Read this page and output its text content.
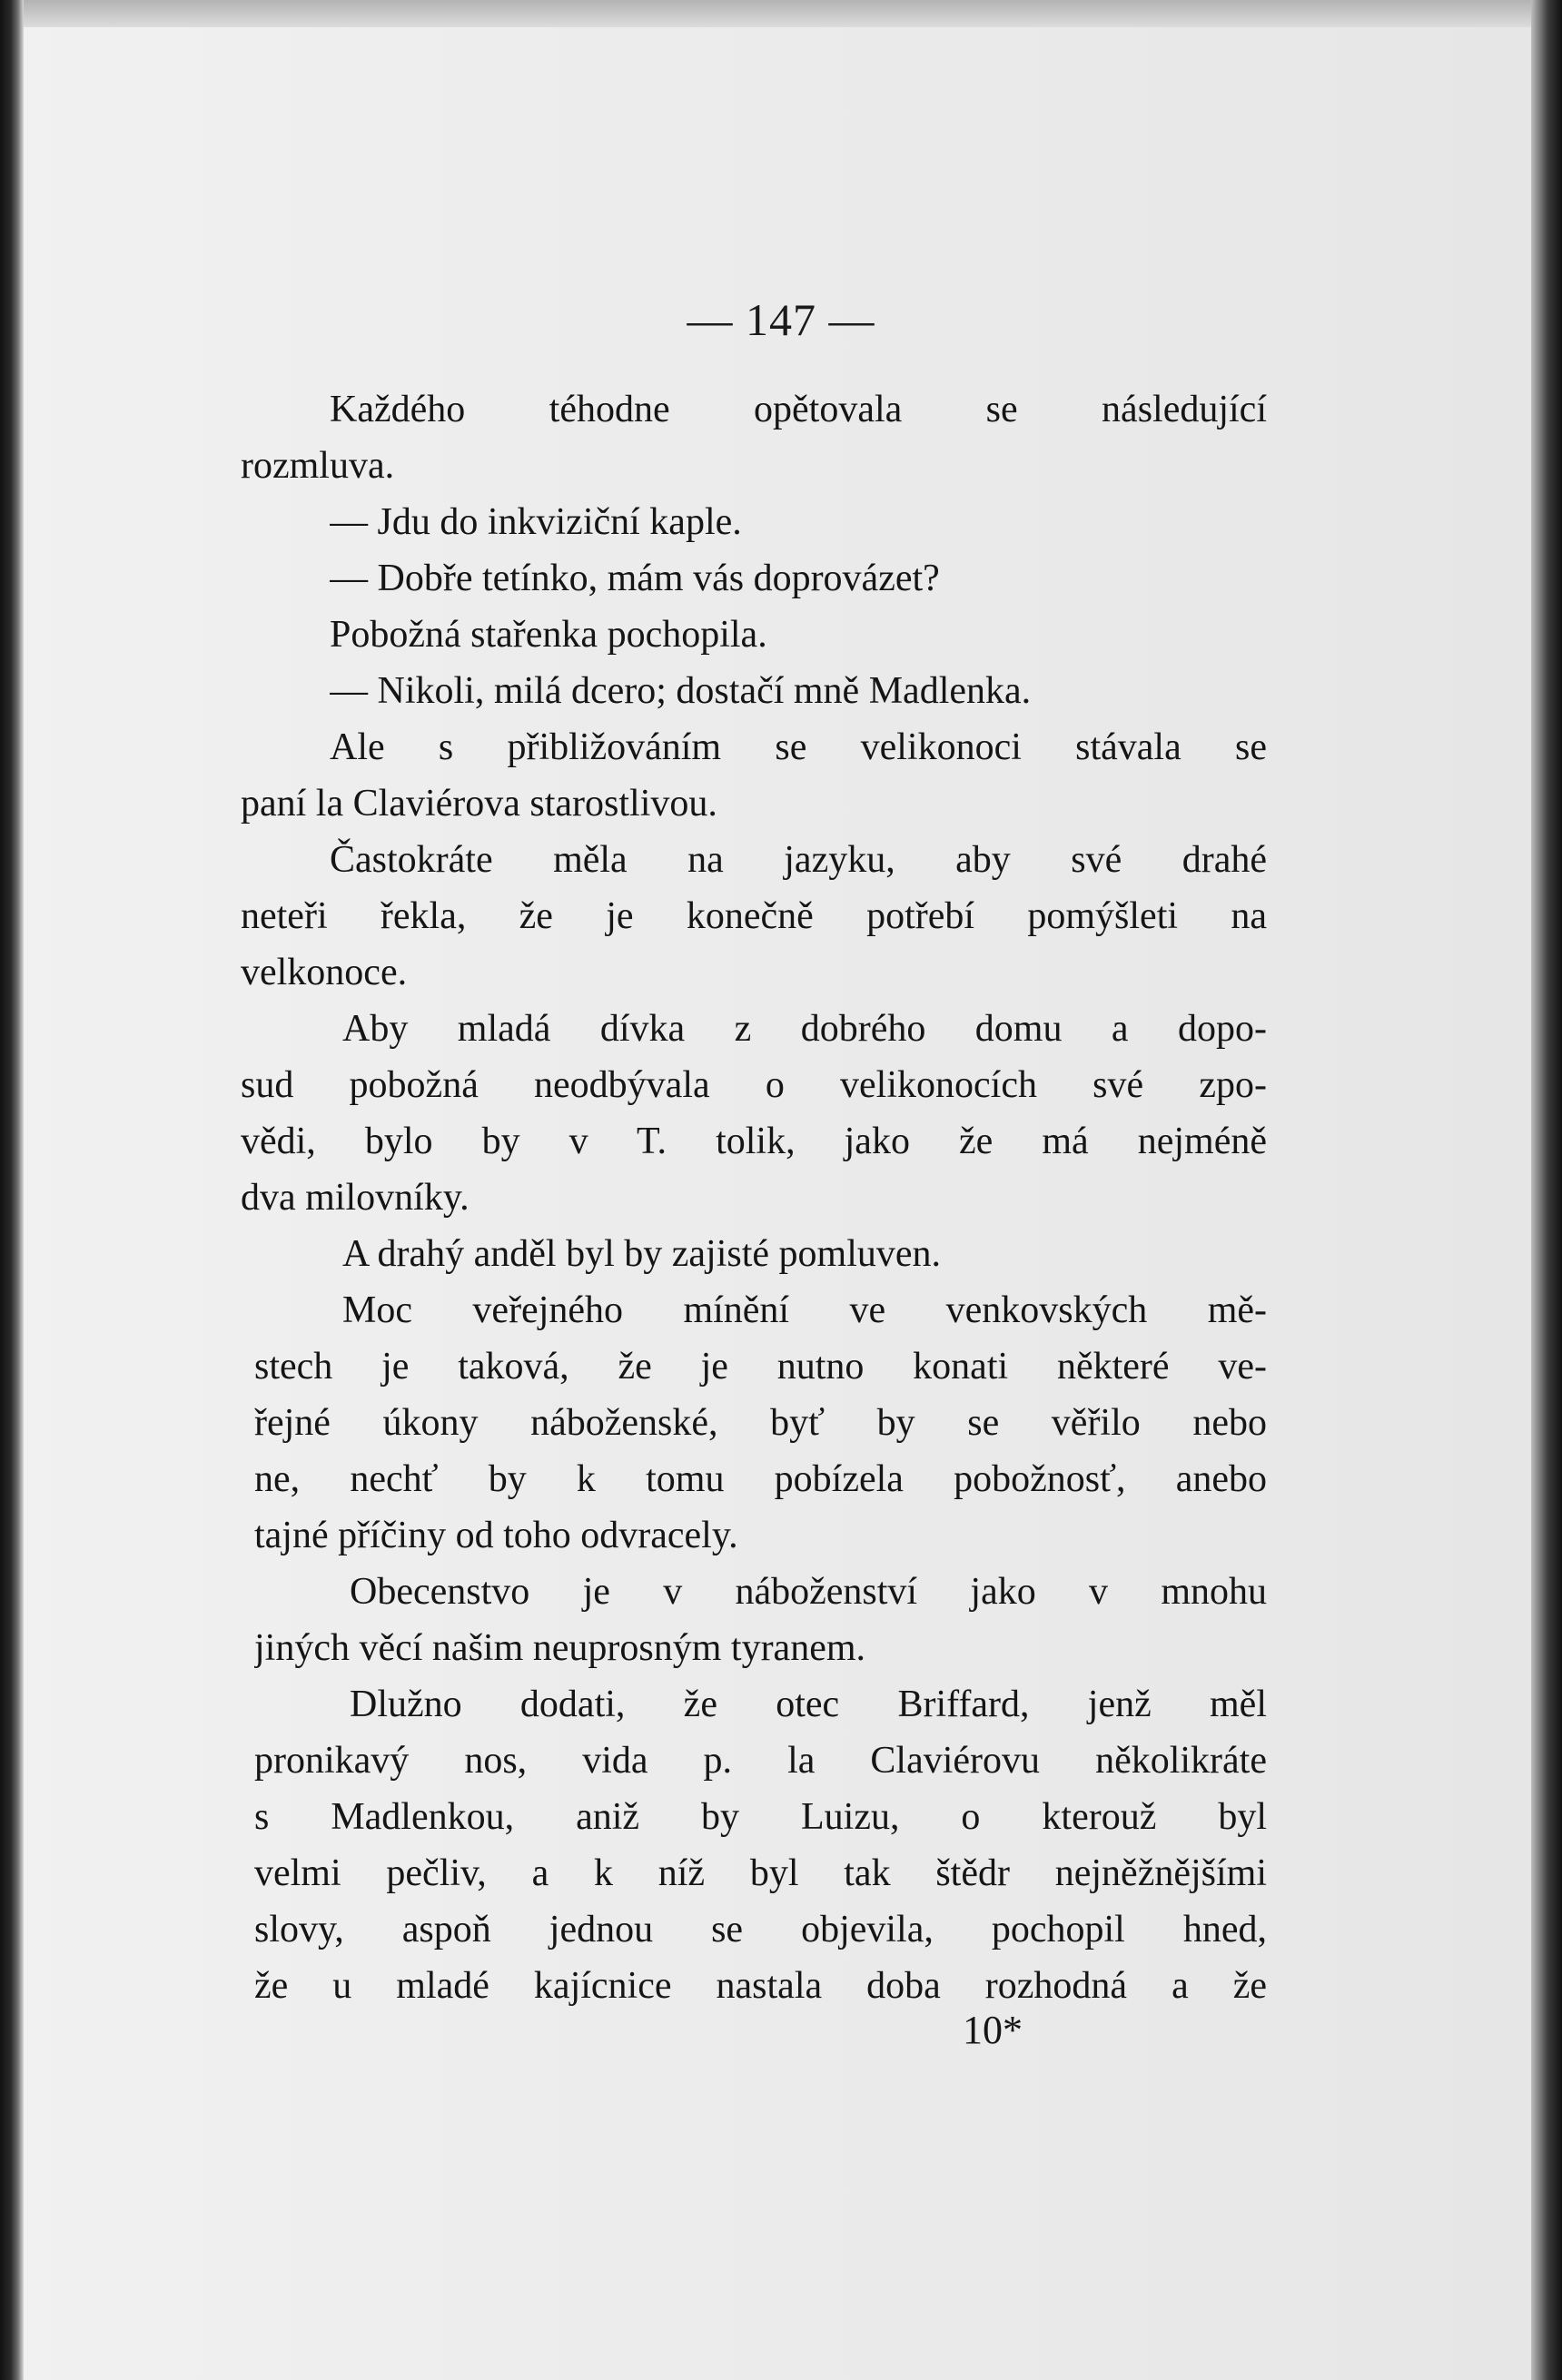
— 147 —
Každého téhodne opětovala se následující
rozmluva.
— Jdu do inkviziční kaple.
— Dobře tetínko, mám vás doprovázet?
Pobožná stařenka pochopila.
— Nikoli, milá dcero; dostačí mně Madlenka.
Ale s přibližováním se velikonoci stávala se
paní la Claviérova starostlivou.
Častokráte měla na jazyku, aby své drahé
neteři řekla, že je konečně potřebí pomýšleti na
velkonoce.
Aby mladá dívka z dobrého domu a dopo-
sud pobožná neodbývala o velikonocích své zpo-
vědi, bylo by v T. tolik, jako že má nejméně
dva milovníky.
A drahý anděl byl by zajisté pomluven.
Moc veřejného mínění ve venkovských mě-
stech je taková, že je nutno konati některé ve-
řejné úkony náboženské, byť by se věřilo nebo
ne, nechť by k tomu pobízela pobožnosť, anebo
tajné příčiny od toho odvracely.
Obecenstvo je v náboženství jako v mnohu
jiných věcí našim neuprosným tyranem.
Dlužno dodati, že otec Briffard, jenž měl
pronikavý nos, vida p. la Claviérovu několikráte
s Madlenkou, aniž by Luizu, o kterouž byl
velmi pečliv, a k níž byl tak štědr nejněžnějšími
slovy, aspoň jednou se objevila, pochopil hned,
že u mladé kajícnice nastala doba rozhodná a že
10*
